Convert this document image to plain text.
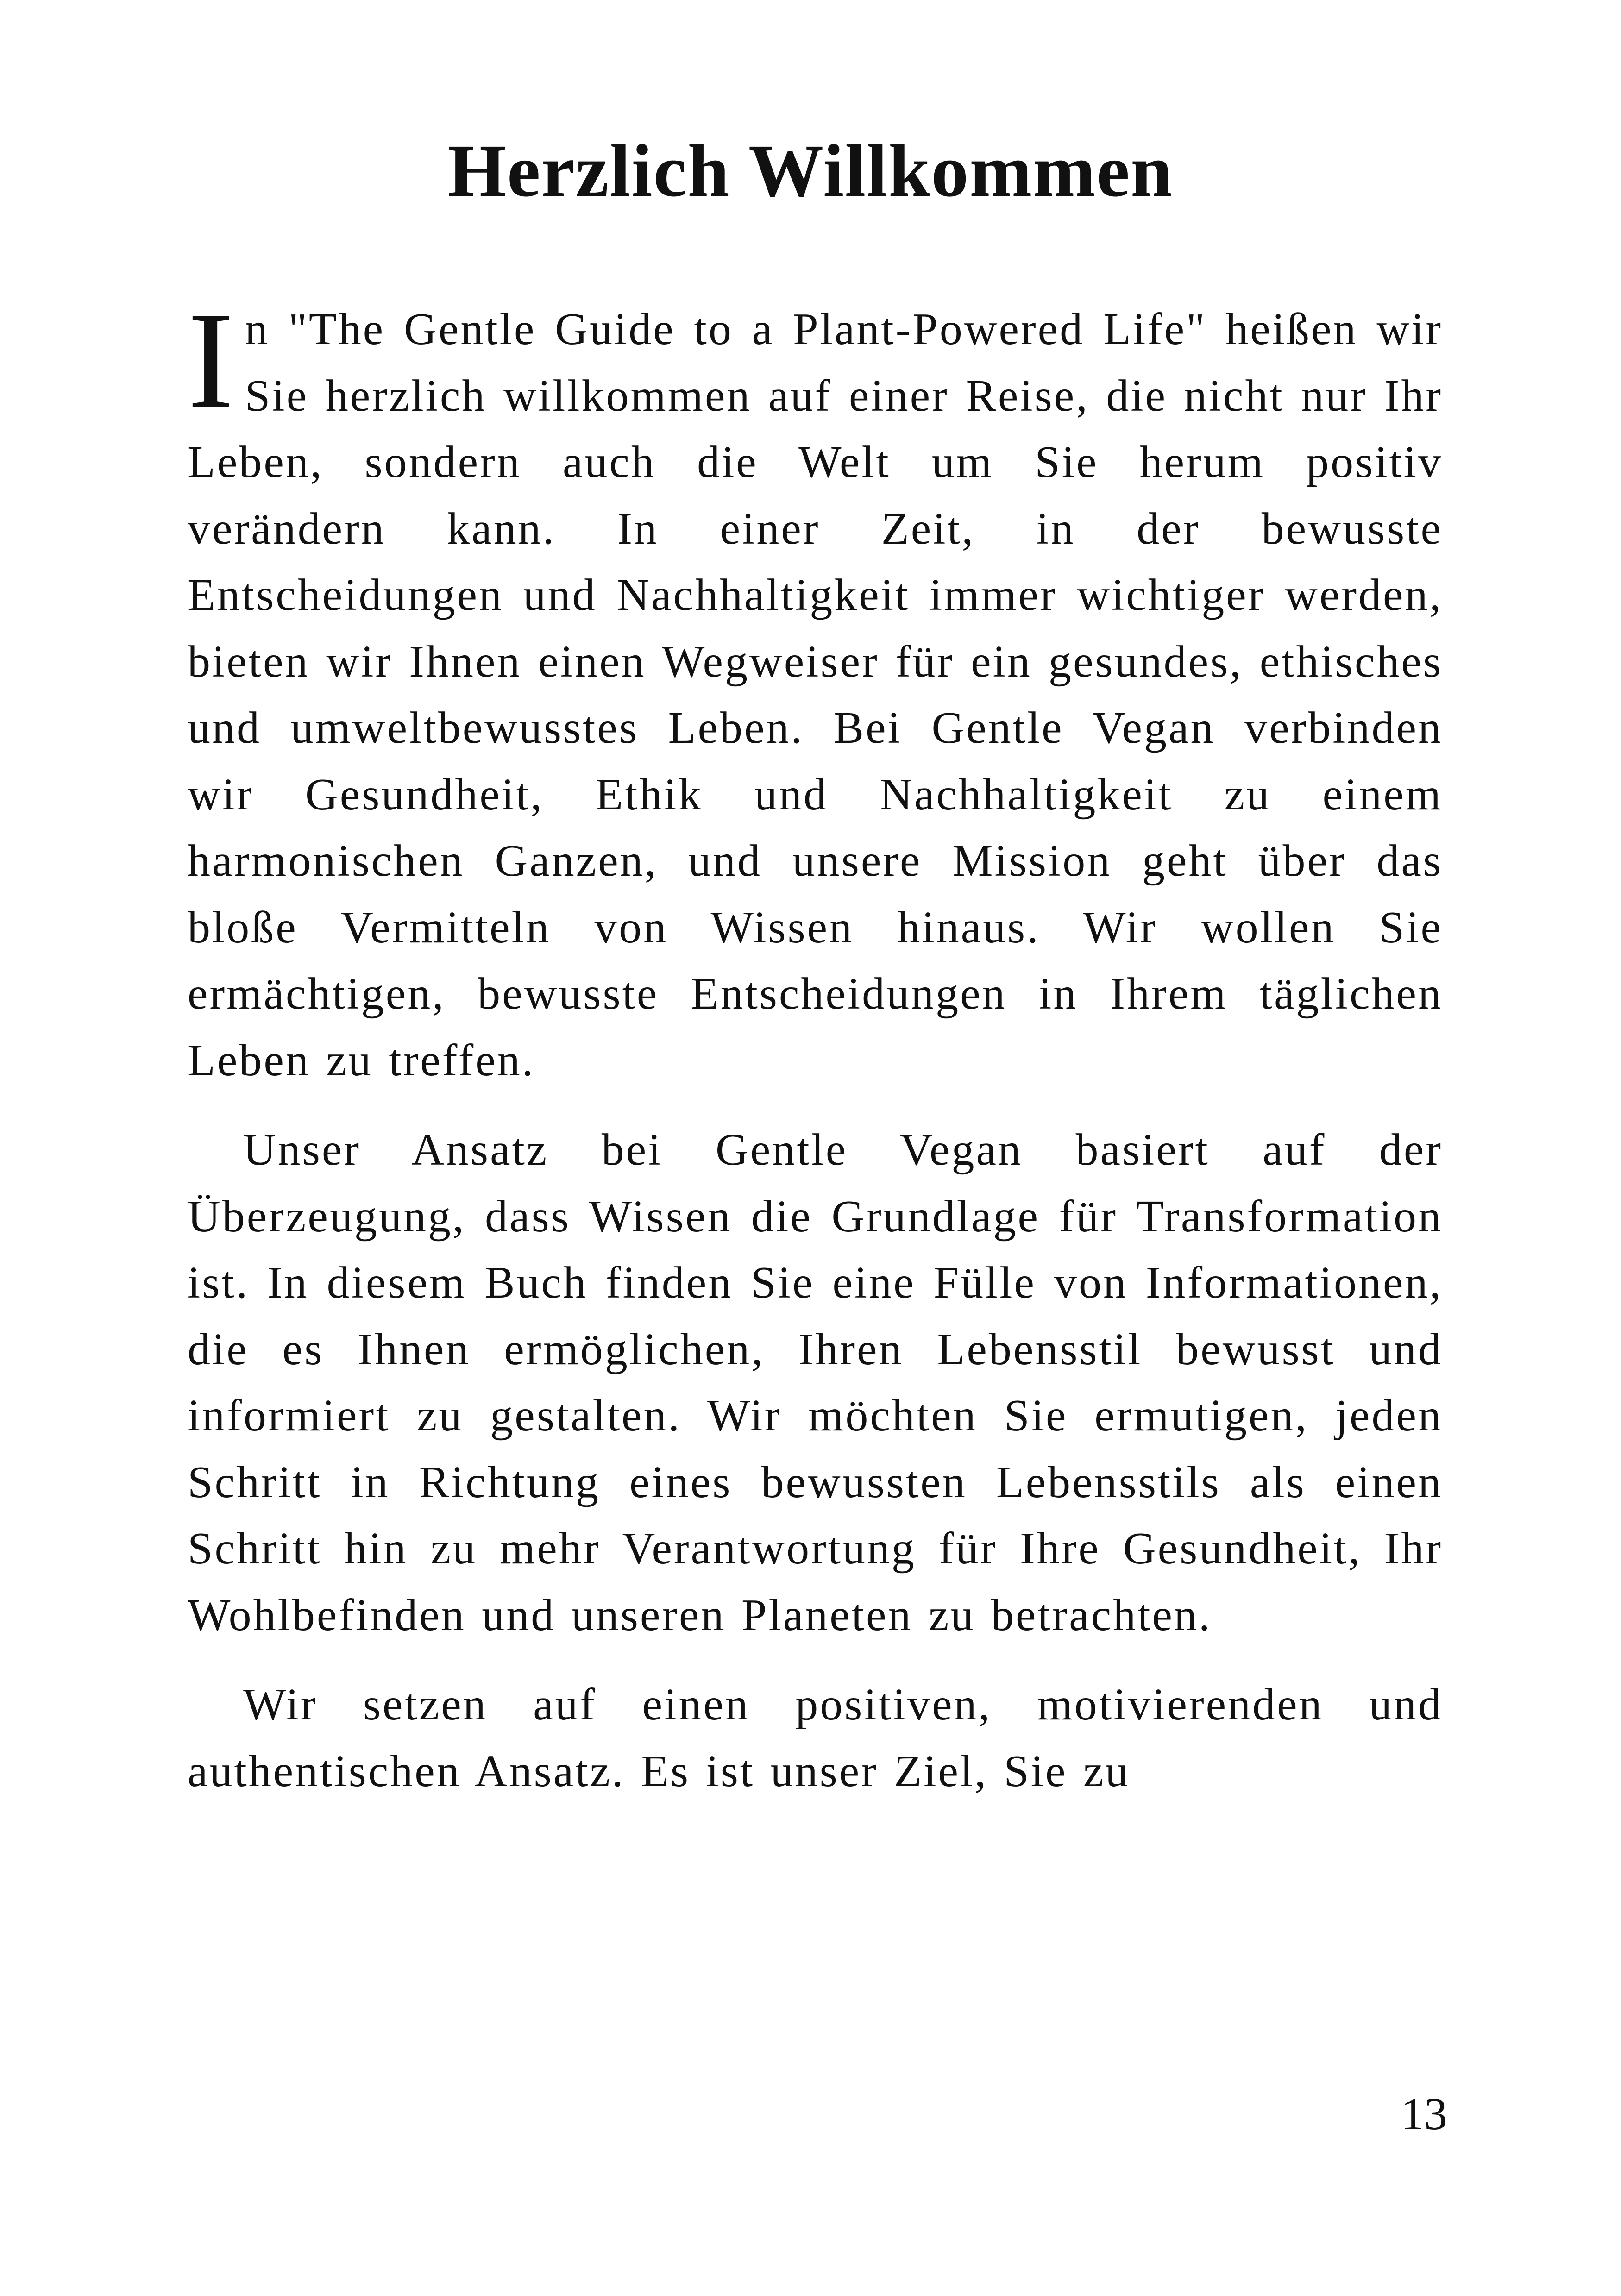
Herzlich Willkommen

In "The Gentle Guide to a Plant-Powered Life" heißen wir Sie herzlich willkommen auf einer Reise, die nicht nur Ihr Leben, sondern auch die Welt um Sie herum positiv verändern kann. In einer Zeit, in der bewusste Entscheidungen und Nachhaltigkeit immer wichtiger werden, bieten wir Ihnen einen Wegweiser für ein gesundes, ethisches und umweltbewusstes Leben. Bei Gentle Vegan verbinden wir Gesundheit, Ethik und Nachhaltigkeit zu einem harmonischen Ganzen, und unsere Mission geht über das bloße Vermitteln von Wissen hinaus. Wir wollen Sie ermächtigen, bewusste Entscheidungen in Ihrem täglichen Leben zu treffen.

Unser Ansatz bei Gentle Vegan basiert auf der Überzeugung, dass Wissen die Grundlage für Transformation ist. In diesem Buch finden Sie eine Fülle von Informationen, die es Ihnen ermöglichen, Ihren Lebensstil bewusst und informiert zu gestalten. Wir möchten Sie ermutigen, jeden Schritt in Richtung eines bewussten Lebensstils als einen Schritt hin zu mehr Verantwortung für Ihre Gesundheit, Ihr Wohlbefinden und unseren Planeten zu betrachten.

Wir setzen auf einen positiven, motivierenden und authentischen Ansatz. Es ist unser Ziel, Sie zu

13
